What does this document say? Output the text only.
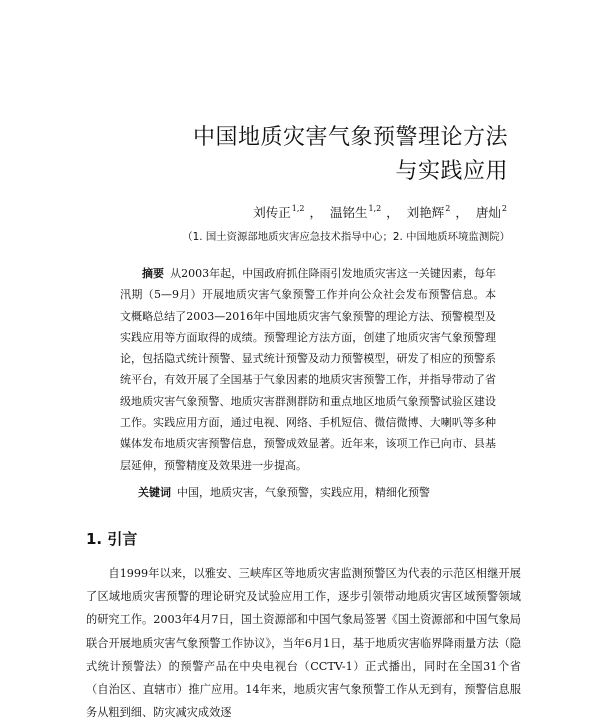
中国地质灾害气象预警理论方法
与实践应用
刘传正$^{1,2}$ ， 温铭生$^{1,2}$ ， 刘艳辉$^2$ ， 唐灿$^2$
（1. 国土资源部地质灾害应急技术指导中心；2. 中国地质环境监测院）

摘要 从2003年起，中国政府抓住降雨引发地质灾害这一关键因素，每年汛期（5—9月）开展地质灾害气象预警工作并向公众社会发布预警信息。本文概略总结了2003—2016年中国地质灾害气象预警的理论方法、预警模型及实践应用等方面取得的成绩。预警理论方法方面，创建了地质灾害气象预警理论，包括隐式统计预警、显式统计预警及动力预警模型，研发了相应的预警系统平台，有效开展了全国基于气象因素的地质灾害预警工作，并指导带动了省级地质灾害气象预警、地质灾害群测群防和重点地区地质气象预警试验区建设工作。实践应用方面，通过电视、网络、手机短信、微信微博、大喇叭等多种媒体发布地质灾害预警信息，预警成效显著。近年来，该项工作已向市、县基层延伸，预警精度及效果进一步提高。

关键词 中国，地质灾害，气象预警，实践应用，精细化预警
1. 引言

自1999年以来，以雅安、三峡库区等地质灾害监测预警区为代表的示范区相继开展了区域地质灾害预警的理论研究及试验应用工作，逐步引领带动地质灾害区域预警领域的研究工作。2003年4月7日，国土资源部和中国气象局签署《国土资源部和中国气象局联合开展地质灾害气象预警工作协议》，当年6月1日，基于地质灾害临界降雨量方法（隐式统计预警法）的预警产品在中央电视台（CCTV-1）正式播出，同时在全国31个省（自治区、直辖市）推广应用。14年来，地质灾害气象预警工作从无到有，预警信息服务从粗到细、防灾减灾成效逐
